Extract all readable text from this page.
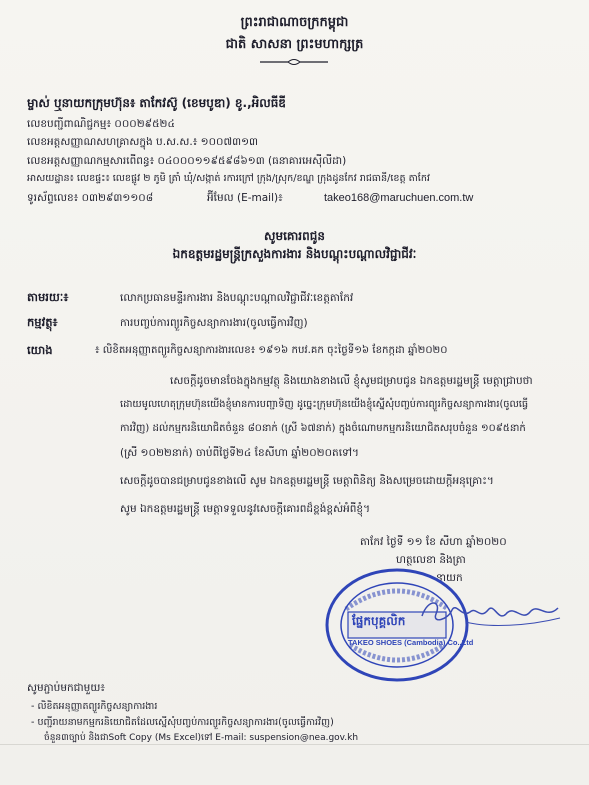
ព្រះរាជាណាចក្រកម្ពុជា
ជាតិ សាសនា ព្រះមហាក្សត្រ
ម្ចាស់ ឬនាយកក្រុមហ៊ុន៖ តាកែវស៊ូ (ខេមបូឌា) ខូ.,អិលធីឌី
លេខបញ្ជីពាណិជ្ជកម្ម៖ ០០០២៩៥២៤
លេខអត្តសញ្ញាណសហគ្រាសក្នុង ប.ស.ស.៖ ១០០៧៣១៣
លេខអត្តសញ្ញាណកម្មសារពើពន្ធ៖ ០៤០០០១១៩៥៩៨៦១៣ (ធនាគារអេស៊ីលីដា)
អាសយដ្ឋាន៖ លេខផ្ទះ៖ លេខផ្លូវ ២ ភូមិ ត្រាំ ឃុំ/សង្កាត់ រការក្រៅ ក្រុង/ស្រុក/ខណ្ឌ ក្រុងដូនកែវ រាជធានី/ខេត្ត តាកែវ
ទូរស័ព្ទលេខ៖ ០៣២៩៣១១០៨	អ៊ីមែល (E-mail)៖	takeo168@maruchuen.com.tw
សូមគោរពជូន
ឯកឧត្តមរដ្ឋមន្ត្រីក្រសួងការងារ និងបណ្តុះបណ្តាលវិជ្ជាជីវៈ
តាមរយៈ៖	លោកប្រធានមន្ទីរការងារ និងបណ្តុះបណ្តាលវិជ្ជាជីវៈខេត្តតាកែវ
កម្មវត្ថុ៖	ការបញ្ចប់ការព្យួរកិច្ចសន្យាការងារ(ចូលធ្វើការវិញ)
យោង	៖ លិខិតអនុញ្ញាតព្យួរកិច្ចសន្យាការងារលេខ៖ ១៩១៦ កបវ.គក ចុះថ្ងៃទី១៦ ខែកក្កដា ឆ្នាំ២០២០
សេចក្តីដូចមានចែងក្នុងកម្មវត្ថុ និងយោងខាងលើ ខ្ញុំសូមជម្រាបជូន ឯកឧត្តមរដ្ឋមន្ត្រី មេត្តាជ្រាបថា
ដោយមូលហេតុក្រុមហ៊ុនយើងខ្ញុំមានការបញ្ជាទិញ ដូច្នេះក្រុមហ៊ុនយើងខ្ញុំស្នើសុំបញ្ចប់ការព្យួរកិច្ចសន្យាការងារ(ចូលធ្វើ
ការវិញ) ដល់កម្មករនិយោជិតចំនួន ៨០នាក់ (ស្រី ៦៧នាក់) ក្នុងចំណោមកម្មករនិយោជិតសរុបចំនួន ១០៩៥នាក់
(ស្រី ១០២២នាក់) ចាប់ពីថ្ងៃទី២៤ ខែសីហា ឆ្នាំ២០២០តទៅ។
សេចក្តីដូចបានជម្រាបជូនខាងលើ សូម ឯកឧត្តមរដ្ឋមន្ត្រី មេត្តាពិនិត្យ និងសម្រេចដោយក្តីអនុគ្រោះ។
សូម ឯកឧត្តមរដ្ឋមន្ត្រី មេត្តាទទួលនូវសេចក្តីគោរពដ៏ខ្ពង់ខ្ពស់អំពីខ្ញុំ។
តាកែវ ថ្ងៃទី ១១ ខែ សីហា ឆ្នាំ២០២០
ហត្ថលេខា និងត្រា
នាយក
ផ្នែកបុគ្គលិក
TAKEO SHOES (Cambodia) Co.,Ltd
សូមភ្ជាប់មកជាមួយ៖
- លិខិតអនុញ្ញាតព្យួរកិច្ចសន្យាការងារ
- បញ្ជីរាយនាមកម្មករនិយោជិតដែលស្នើសុំបញ្ចប់ការព្យួរកិច្ចសន្យាការងារ(ចូលធ្វើការវិញ)
ចំនួន៣ច្បាប់ និងជាSoft Copy (Ms Excel)ទៅ E-mail: suspension@nea.gov.kh
